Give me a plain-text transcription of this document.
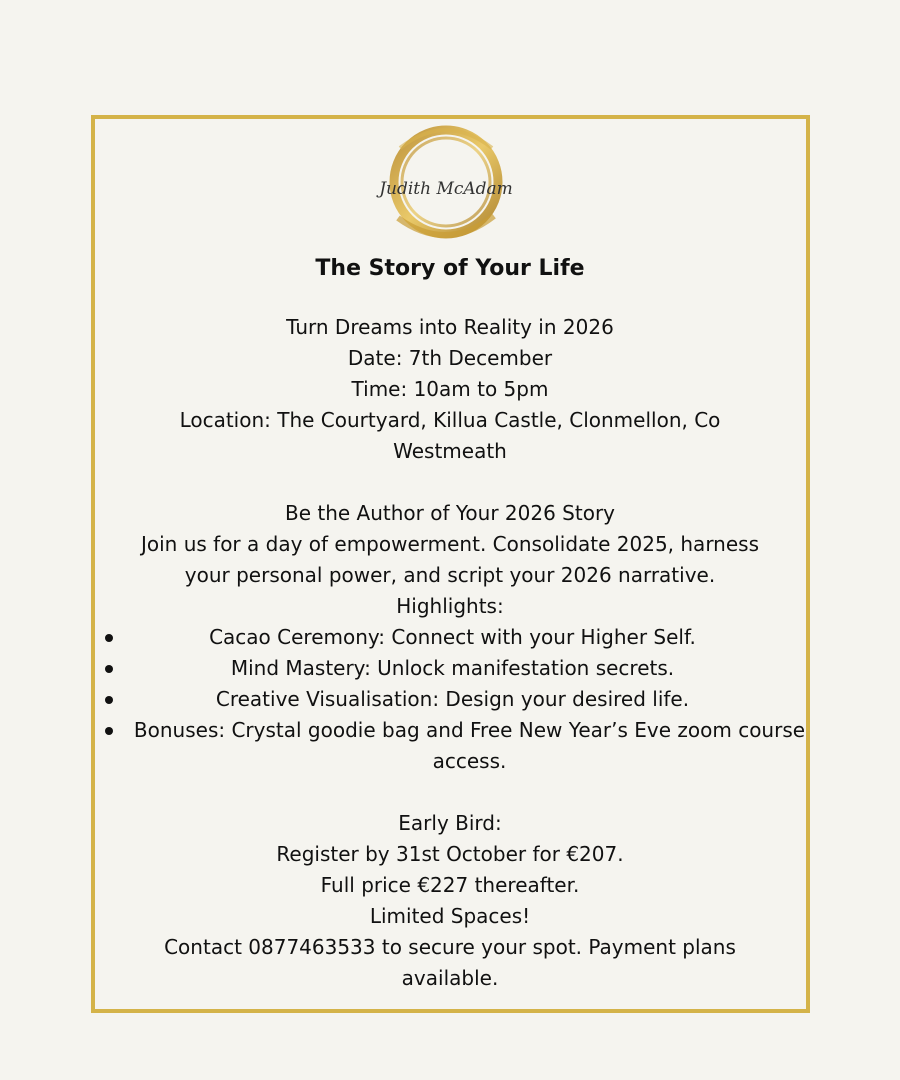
Judith McAdam
The Story of Your Life
Turn Dreams into Reality in 2026
Date: 7th December
Time: 10am to 5pm
Location: The Courtyard, Killua Castle, Clonmellon, Co
Westmeath
Be the Author of Your 2026 Story
Join us for a day of empowerment. Consolidate 2025, harness
your personal power, and script your 2026 narrative.
Highlights:
Cacao Ceremony: Connect with your Higher Self.
Mind Mastery: Unlock manifestation secrets.
Creative Visualisation: Design your desired life.
Bonuses: Crystal goodie bag and Free New Year’s Eve zoom course access.
Early Bird:
Register by 31st October for €207.
Full price €227 thereafter.
Limited Spaces!
Contact 0877463533 to secure your spot. Payment plans
available.
